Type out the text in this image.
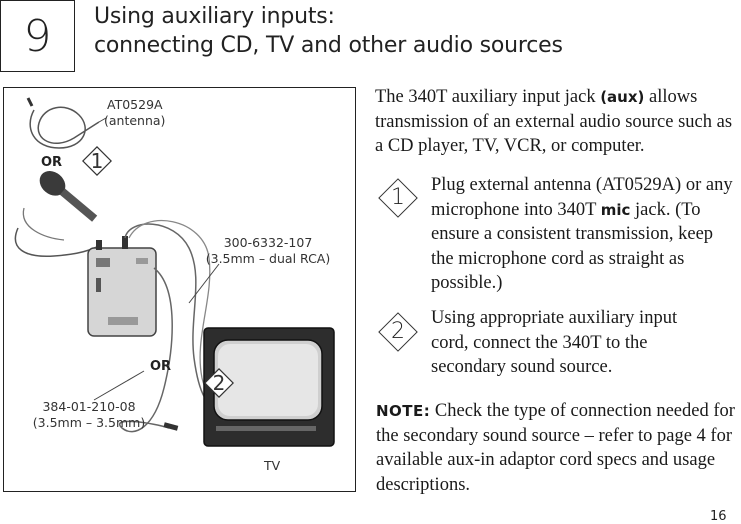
9	Using auxiliary inputs:
connecting CD, TV and other audio sources
AT0529A
(antenna)
OR 1
300-6332-107
(3.5mm – dual RCA)
OR
2
384-01-210-08
(3.5mm – 3.5mm)
TV
The 340T auxiliary input jack (aux) allows transmission of an external audio source such as a CD player, TV, VCR, or computer.
1	Plug external antenna (AT0529A) or any microphone into 340T mic jack. (To ensure a consistent transmission, keep the microphone cord as straight as possible.)
2
Using appropriate auxiliary input cord, connect the 340T to the secondary sound source.
NOTE: Check the type of connection needed for the secondary sound source – refer to page 4 for available aux-in adaptor cord specs and usage descriptions.
16
